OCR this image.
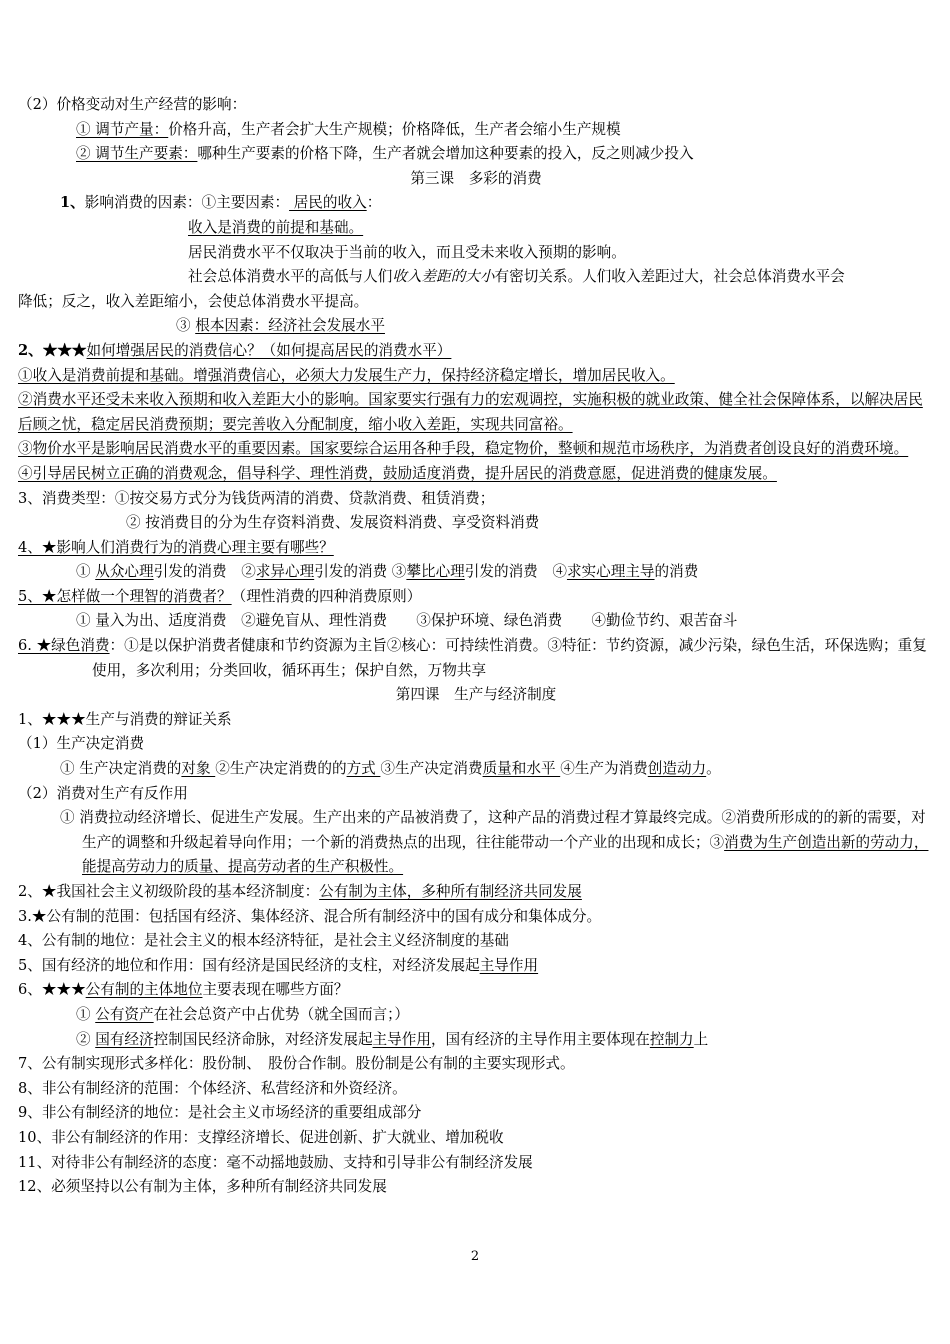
（2）价格变动对生产经营的影响：
① 调节产量：价格升高，生产者会扩大生产规模；价格降低，生产者会缩小生产规模
② 调节生产要素：哪种生产要素的价格下降，生产者就会增加这种要素的投入，反之则减少投入
第三课　多彩的消费
1、影响消费的因素：①主要因素： 居民的收入：
收入是消费的前提和基础。
居民消费水平不仅取决于当前的收入，而且受未来收入预期的影响。
社会总体消费水平的高低与人们收入差距的大小有密切关系。人们收入差距过大，社会总体消费水平会
降低；反之，收入差距缩小，会使总体消费水平提高。
③ 根本因素：经济社会发展水平
2、★★★如何增强居民的消费信心？（如何提高居民的消费水平）
①收入是消费前提和基础。增强消费信心，必须大力发展生产力，保持经济稳定增长，增加居民收入。
②消费水平还受未来收入预期和收入差距大小的影响。国家要实行强有力的宏观调控，实施积极的就业政策、健全社会保障体系，以解决居民后顾之忧，稳定居民消费预期；要完善收入分配制度，缩小收入差距，实现共同富裕。
③物价水平是影响居民消费水平的重要因素。国家要综合运用各种手段，稳定物价，整顿和规范市场秩序，为消费者创设良好的消费环境。
④引导居民树立正确的消费观念，倡导科学、理性消费，鼓励适度消费，提升居民的消费意愿，促进消费的健康发展。
3、消费类型：①按交易方式分为钱货两清的消费、贷款消费、租赁消费；
② 按消费目的分为生存资料消费、发展资料消费、享受资料消费
4、★影响人们消费行为的消费心理主要有哪些？
① 从众心理引发的消费　②求异心理引发的消费 ③攀比心理引发的消费　④求实心理主导的消费
5、★怎样做一个理智的消费者？（理性消费的四种消费原则）
① 量入为出、适度消费　②避免盲从、理性消费　　③保护环境、绿色消费　　④勤俭节约、艰苦奋斗
6. ★绿色消费：①是以保护消费者健康和节约资源为主旨②核心：可持续性消费。③特征：节约资源，减少污染，绿色生活，环保选购；重复使用，多次利用；分类回收，循环再生；保护自然，万物共享
第四课　生产与经济制度
1、★★★生产与消费的辩证关系
（1）生产决定消费
① 生产决定消费的对象 ②生产决定消费的的方式 ③生产决定消费质量和水平 ④生产为消费创造动力。
（2）消费对生产有反作用
① 消费拉动经济增长、促进生产发展。生产出来的产品被消费了，这种产品的消费过程才算最终完成。②消费所形成的的新的需要，对生产的调整和升级起着导向作用；一个新的消费热点的出现，往往能带动一个产业的出现和成长；③消费为生产创造出新的劳动力，能提高劳动力的质量、提高劳动者的生产积极性。
2、★我国社会主义初级阶段的基本经济制度：公有制为主体，多种所有制经济共同发展
3.★公有制的范围：包括国有经济、集体经济、混合所有制经济中的国有成分和集体成分。
4、公有制的地位：是社会主义的根本经济特征，是社会主义经济制度的基础
5、国有经济的地位和作用：国有经济是国民经济的支柱，对经济发展起主导作用
6、★★★公有制的主体地位主要表现在哪些方面？
① 公有资产在社会总资产中占优势（就全国而言；）
② 国有经济控制国民经济命脉，对经济发展起主导作用，国有经济的主导作用主要体现在控制力上
7、公有制实现形式多样化：股份制、　股份合作制。股份制是公有制的主要实现形式。
8、非公有制经济的范围：个体经济、私营经济和外资经济。
9、非公有制经济的地位：是社会主义市场经济的重要组成部分
10、非公有制经济的作用：支撑经济增长、促进创新、扩大就业、增加税收
11、对待非公有制经济的态度：毫不动摇地鼓励、支持和引导非公有制经济发展
12、必须坚持以公有制为主体，多种所有制经济共同发展
2
